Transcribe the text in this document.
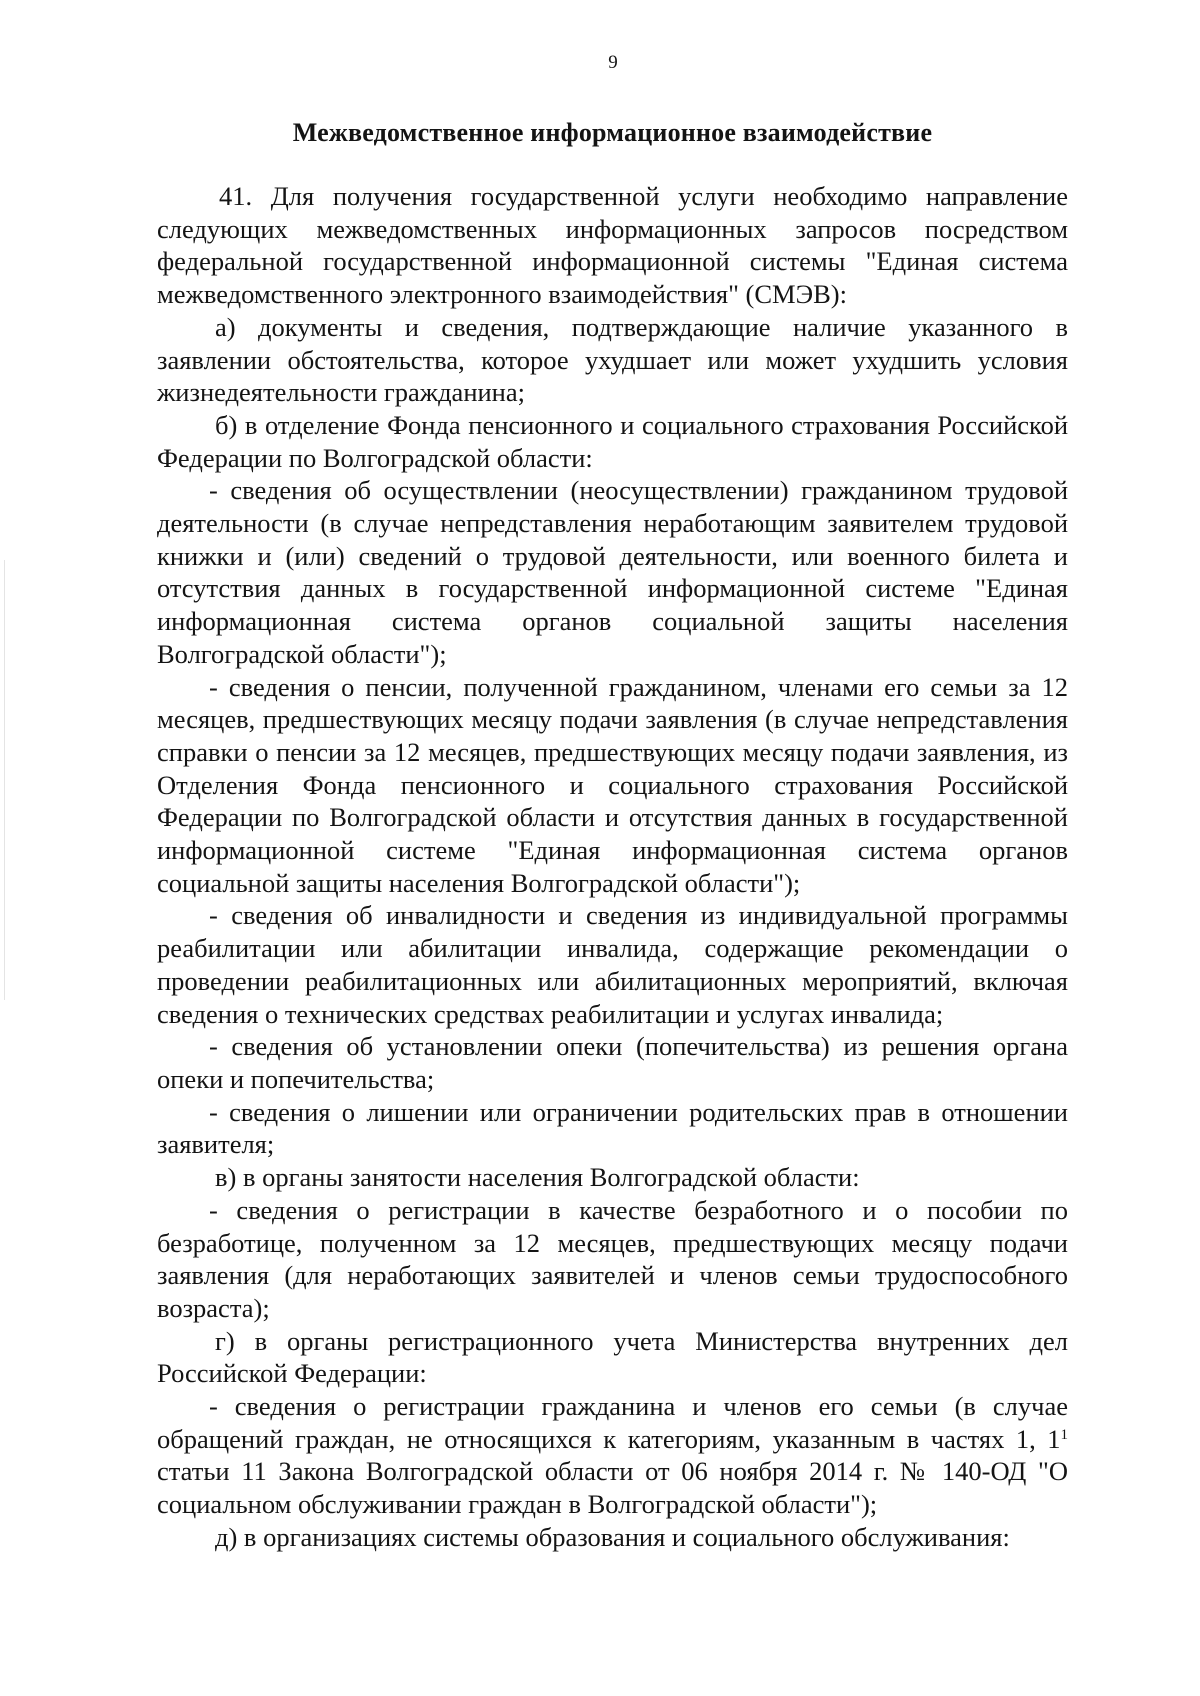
9
Межведомственное информационное взаимодействие

41. Для получения государственной услуги необходимо направление следующих межведомственных информационных запросов посредством федеральной государственной информационной системы "Единая система межведомственного электронного взаимодействия" (СМЭВ):

а) документы и сведения, подтверждающие наличие указанного в заявлении обстоятельства, которое ухудшает или может ухудшить условия жизнедеятельности гражданина;

б) в отделение Фонда пенсионного и социального страхования Российской Федерации по Волгоградской области:

- сведения об осуществлении (неосуществлении) гражданином трудовой деятельности (в случае непредставления неработающим заявителем трудовой книжки и (или) сведений о трудовой деятельности, или военного билета и отсутствия данных в государственной информационной системе "Единая информационная система органов социальной защиты населения Волгоградской области");

- сведения о пенсии, полученной гражданином, членами его семьи за 12 месяцев, предшествующих месяцу подачи заявления (в случае непредставления справки о пенсии за 12 месяцев, предшествующих месяцу подачи заявления, из Отделения Фонда пенсионного и социального страхования Российской Федерации по Волгоградской области и отсутствия данных в государственной информационной системе "Единая информационная система органов социальной защиты населения Волгоградской области");

- сведения об инвалидности и сведения из индивидуальной программы реабилитации или абилитации инвалида, содержащие рекомендации о проведении реабилитационных или абилитационных мероприятий, включая сведения о технических средствах реабилитации и услугах инвалида;

- сведения об установлении опеки (попечительства) из решения органа опеки и попечительства;

- сведения о лишении или ограничении родительских прав в отношении заявителя;

в) в органы занятости населения Волгоградской области:

- сведения о регистрации в качестве безработного и о пособии по безработице, полученном за 12 месяцев, предшествующих месяцу подачи заявления (для неработающих заявителей и членов семьи трудоспособного возраста);

г) в органы регистрационного учета Министерства внутренних дел Российской Федерации:

- сведения о регистрации гражданина и членов его семьи (в случае обращений граждан, не относящихся к категориям, указанным в частях 1, $1^1$ статьи 11 Закона Волгоградской области от 06 ноября 2014 г. № 140-ОД "О социальном обслуживании граждан в Волгоградской области");

д) в организациях системы образования и социального обслуживания:
